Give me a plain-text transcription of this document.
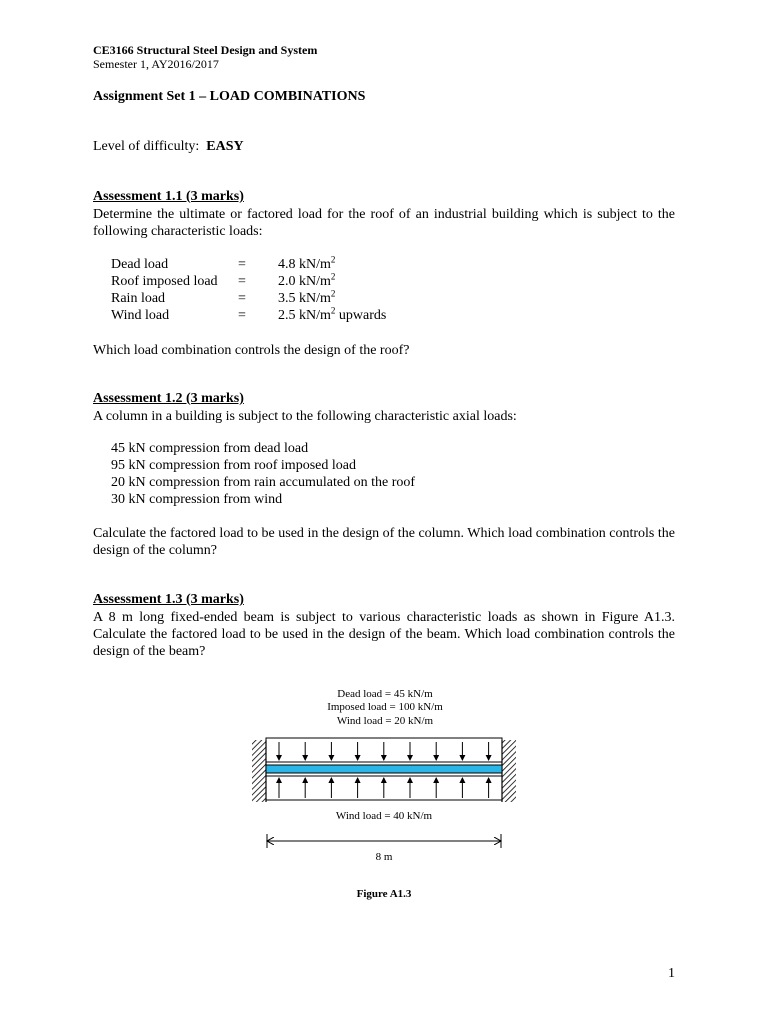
CE3166 Structural Steel Design and System
Semester 1, AY2016/2017
Assignment Set 1 – LOAD COMBINATIONS
Level of difficulty: EASY
Assessment 1.1 (3 marks)
Determine the ultimate or factored load for the roof of an industrial building which is subject to the following characteristic loads:
Dead load	=	4.8 $kN/m^2$
Roof imposed load	=	2.0 $kN/m^2$
Rain load	=	3.5 $kN/m^2$
Wind load	=	2.5 $kN/m^2$ upwards
Which load combination controls the design of the roof?
Assessment 1.2 (3 marks)
A column in a building is subject to the following characteristic axial loads:
45 kN compression from dead load
95 kN compression from roof imposed load
20 kN compression from rain accumulated on the roof
30 kN compression from wind
Calculate the factored load to be used in the design of the column. Which load combination controls the design of the column?
Assessment 1.3 (3 marks)
A 8 m long fixed-ended beam is subject to various characteristic loads as shown in Figure A1.3. Calculate the factored load to be used in the design of the beam. Which load combination controls the design of the beam?
Dead load = 45 kN/m
Imposed load = 100 kN/m
Wind load = 20 kN/m
Wind load = 40 kN/m
8 m
Figure A1.3
1
